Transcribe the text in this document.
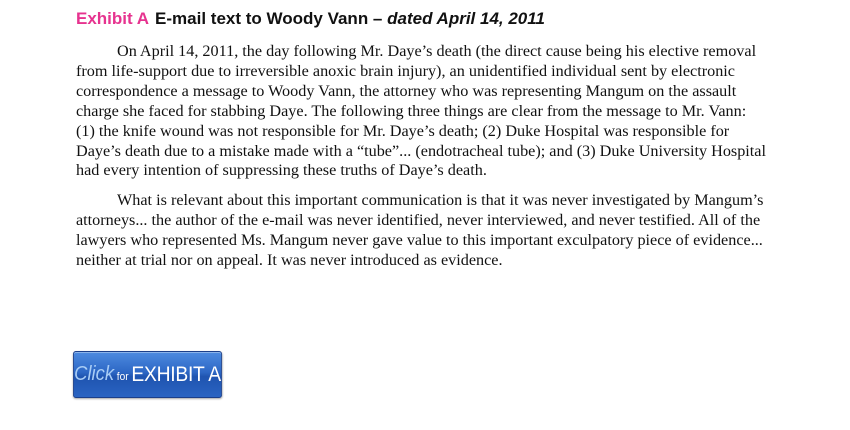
Exhibit A E-mail text to Woody Vann – dated April 14, 2011

On April 14, 2011, the day following Mr. Daye’s death (the direct cause being his elective removal from life-support due to irreversible anoxic brain injury), an unidentified individual sent by electronic correspondence a message to Woody Vann, the attorney who was representing Mangum on the assault charge she faced for stabbing Daye. The following three things are clear from the message to Mr. Vann: (1) the knife wound was not responsible for Mr. Daye’s death; (2) Duke Hospital was responsible for Daye’s death due to a mistake made with a “tube”... (endotracheal tube); and (3) Duke University Hospital had every intention of suppressing these truths of Daye’s death.

What is relevant about this important communication is that it was never investigated by Mangum’s attorneys... the author of the e-mail was never identified, never interviewed, and never testified. All of the lawyers who represented Ms. Mangum never gave value to this important exculpatory piece of evidence... neither at trial nor on appeal. It was never introduced as evidence.

Click for EXHIBIT A
